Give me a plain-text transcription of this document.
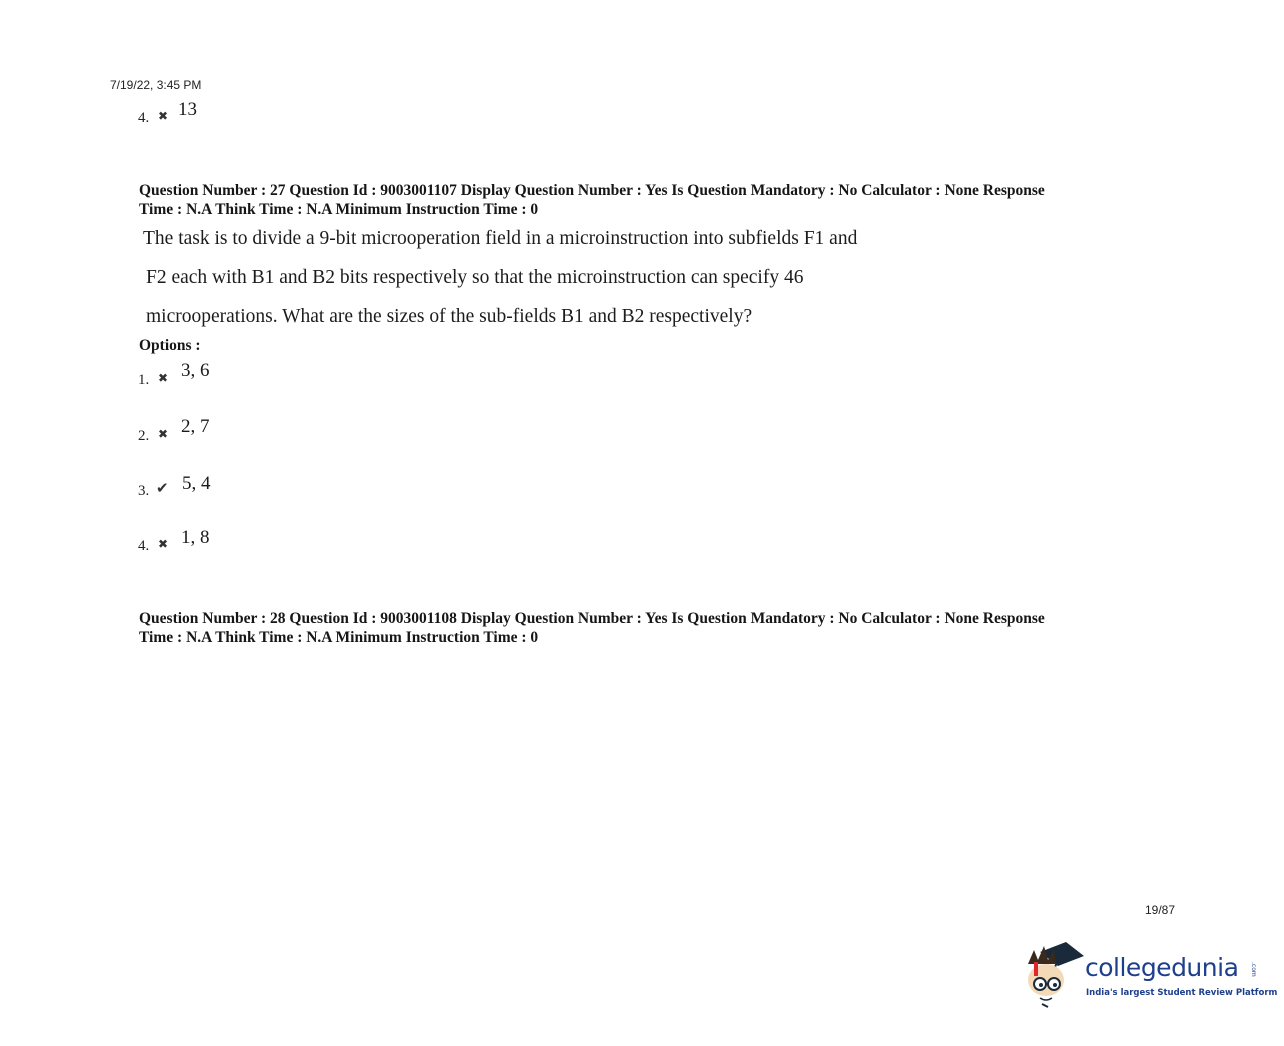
7/19/22, 3:45 PM
4. ✖ 13
Question Number : 27 Question Id : 9003001107 Display Question Number : Yes Is Question Mandatory : No Calculator : None Response
Time : N.A Think Time : N.A Minimum Instruction Time : 0
The task is to divide a 9-bit microoperation field in a microinstruction into subfields F1 and
F2 each with B1 and B2 bits respectively so that the microinstruction can specify 46
microoperations. What are the sizes of the sub-fields B1 and B2 respectively?
Options :
1. ✖ 3, 6
2. ✖ 2, 7
3. ✔ 5, 4
4. ✖ 1, 8
Question Number : 28 Question Id : 9003001108 Display Question Number : Yes Is Question Mandatory : No Calculator : None Response
Time : N.A Think Time : N.A Minimum Instruction Time : 0
19/87
collegedunia .com
India's largest Student Review Platform
